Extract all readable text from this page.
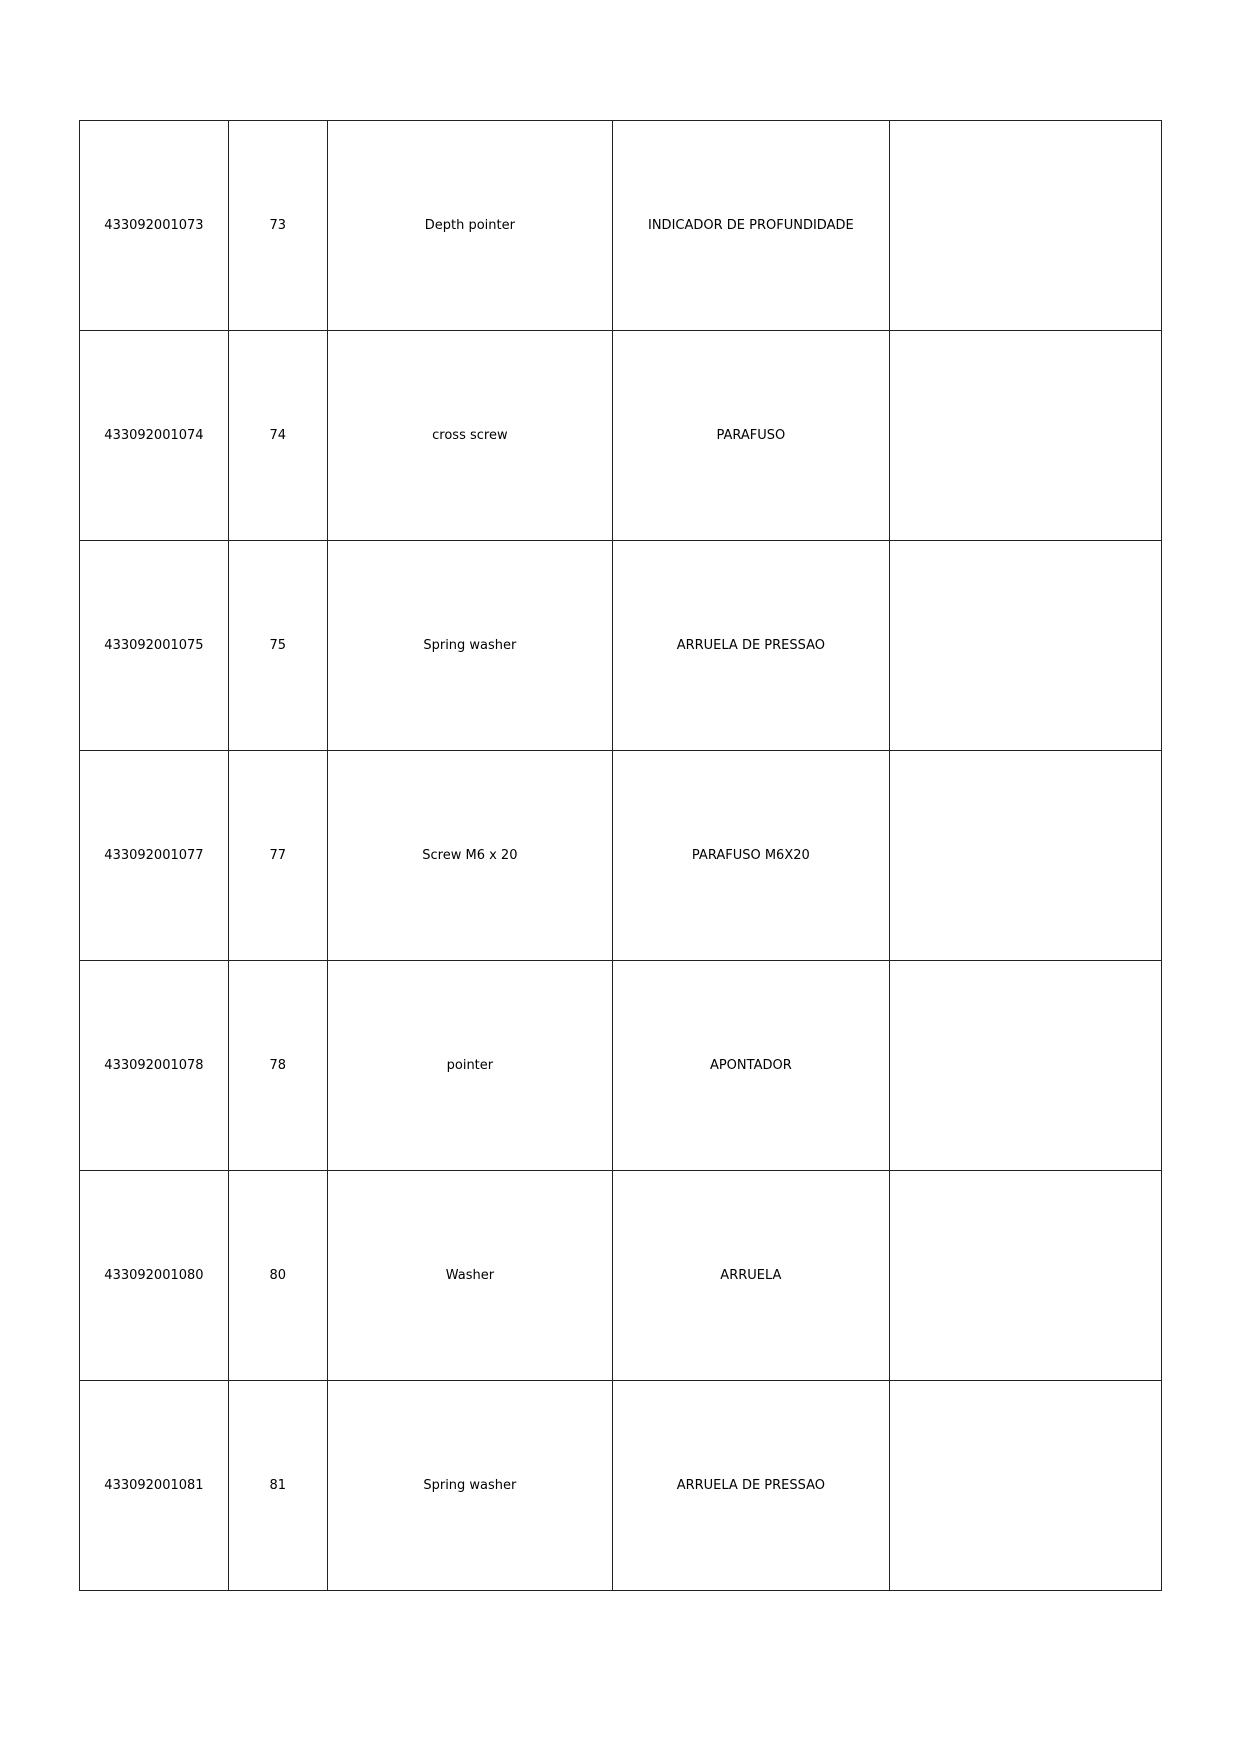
433092001073	73	Depth pointer	INDICADOR DE PROFUNDIDADE	
433092001074	74	cross screw	PARAFUSO	
433092001075	75	Spring washer	ARRUELA DE PRESSAO	
433092001077	77	Screw M6 x 20	PARAFUSO M6X20	
433092001078	78	pointer	APONTADOR	
433092001080	80	Washer	ARRUELA	
433092001081	81	Spring washer	ARRUELA DE PRESSAO	
